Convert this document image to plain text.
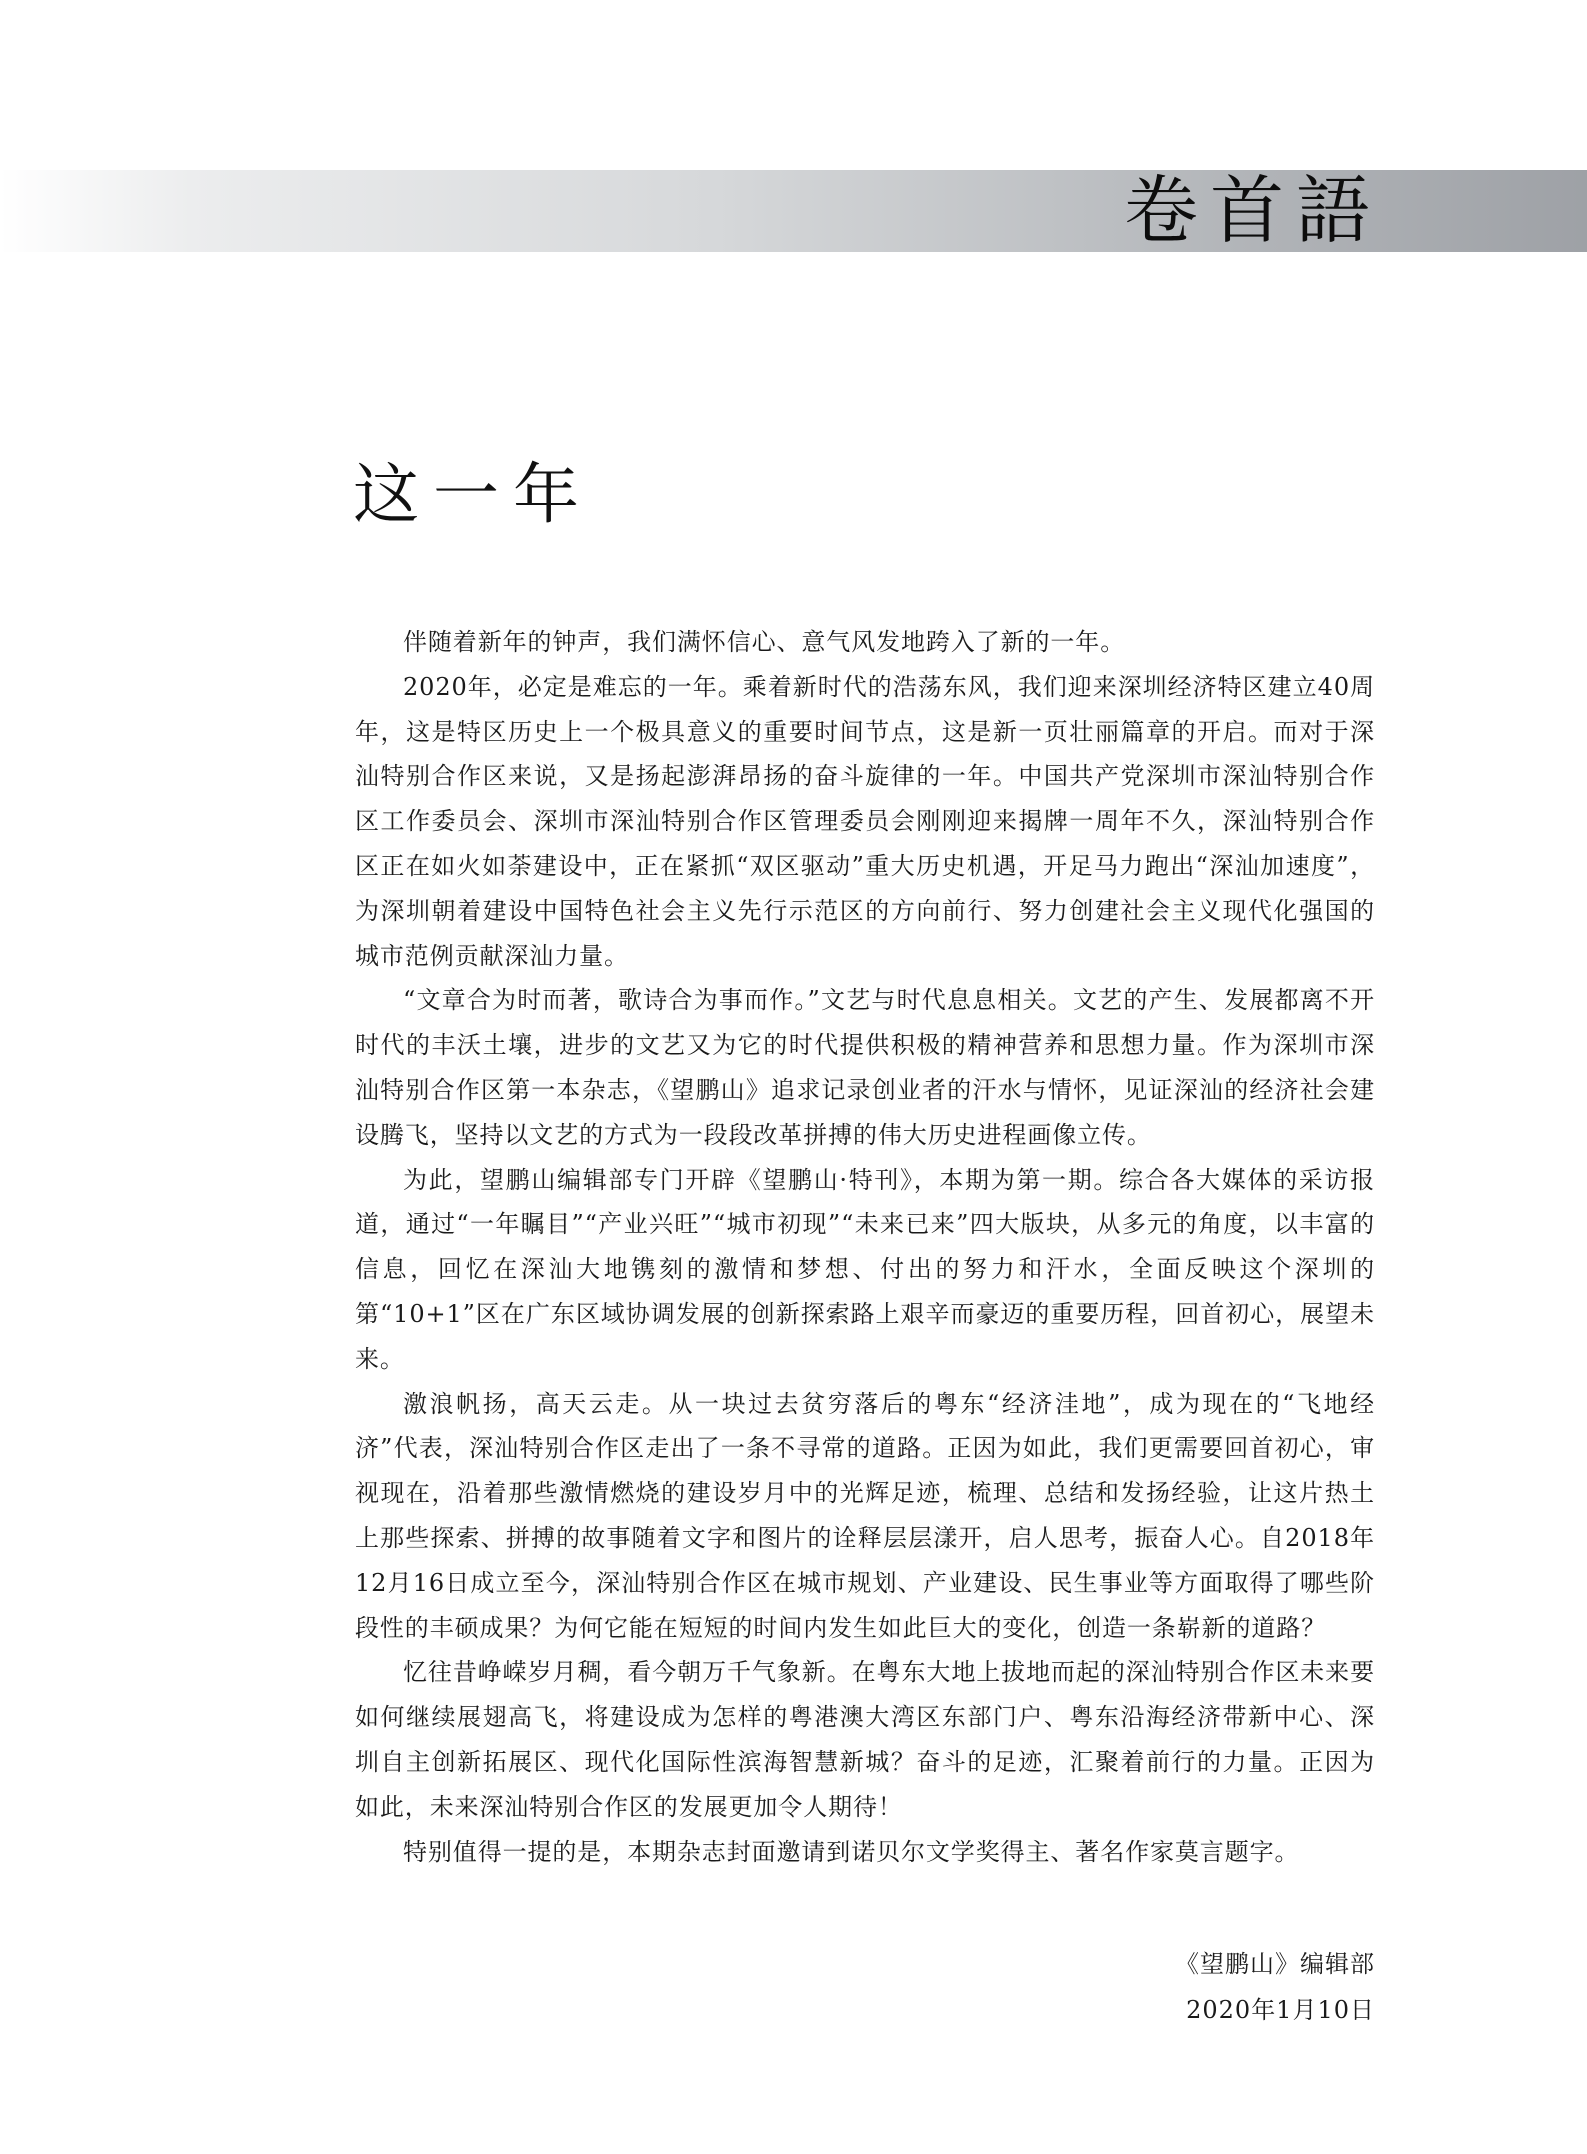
卷首語
这一年

伴随着新年的钟声，我们满怀信心、意气风发地跨入了新的一年。

2020年，必定是难忘的一年。乘着新时代的浩荡东风，我们迎来深圳经济特区建立40周年，这是特区历史上一个极具意义的重要时间节点，这是新一页壮丽篇章的开启。而对于深汕特别合作区来说，又是扬起澎湃昂扬的奋斗旋律的一年。中国共产党深圳市深汕特别合作区工作委员会、深圳市深汕特别合作区管理委员会刚刚迎来揭牌一周年不久，深汕特别合作区正在如火如荼建设中，正在紧抓“双区驱动”重大历史机遇，开足马力跑出“深汕加速度”，为深圳朝着建设中国特色社会主义先行示范区的方向前行、努力创建社会主义现代化强国的城市范例贡献深汕力量。

“文章合为时而著，歌诗合为事而作。”文艺与时代息息相关。文艺的产生、发展都离不开时代的丰沃土壤，进步的文艺又为它的时代提供积极的精神营养和思想力量。作为深圳市深汕特别合作区第一本杂志，《望鹏山》追求记录创业者的汗水与情怀，见证深汕的经济社会建设腾飞，坚持以文艺的方式为一段段改革拼搏的伟大历史进程画像立传。

为此，望鹏山编辑部专门开辟《望鹏山·特刊》，本期为第一期。综合各大媒体的采访报道，通过“一年瞩目”“产业兴旺”“城市初现”“未来已来”四大版块，从多元的角度，以丰富的信息，回忆在深汕大地镌刻的激情和梦想、付出的努力和汗水，全面反映这个深圳的第“10+1”区在广东区域协调发展的创新探索路上艰辛而豪迈的重要历程，回首初心，展望未来。

激浪帆扬，高天云走。从一块过去贫穷落后的粤东“经济洼地”，成为现在的“飞地经济”代表，深汕特别合作区走出了一条不寻常的道路。正因为如此，我们更需要回首初心，审视现在，沿着那些激情燃烧的建设岁月中的光辉足迹，梳理、总结和发扬经验，让这片热土上那些探索、拼搏的故事随着文字和图片的诠释层层漾开，启人思考，振奋人心。自2018年12月16日成立至今，深汕特别合作区在城市规划、产业建设、民生事业等方面取得了哪些阶段性的丰硕成果？为何它能在短短的时间内发生如此巨大的变化，创造一条崭新的道路？

忆往昔峥嵘岁月稠，看今朝万千气象新。在粤东大地上拔地而起的深汕特别合作区未来要如何继续展翅高飞，将建设成为怎样的粤港澳大湾区东部门户、粤东沿海经济带新中心、深圳自主创新拓展区、现代化国际性滨海智慧新城？奋斗的足迹，汇聚着前行的力量。正因为如此，未来深汕特别合作区的发展更加令人期待！

特别值得一提的是，本期杂志封面邀请到诺贝尔文学奖得主、著名作家莫言题字。

《望鹏山》编辑部
2020年1月10日
